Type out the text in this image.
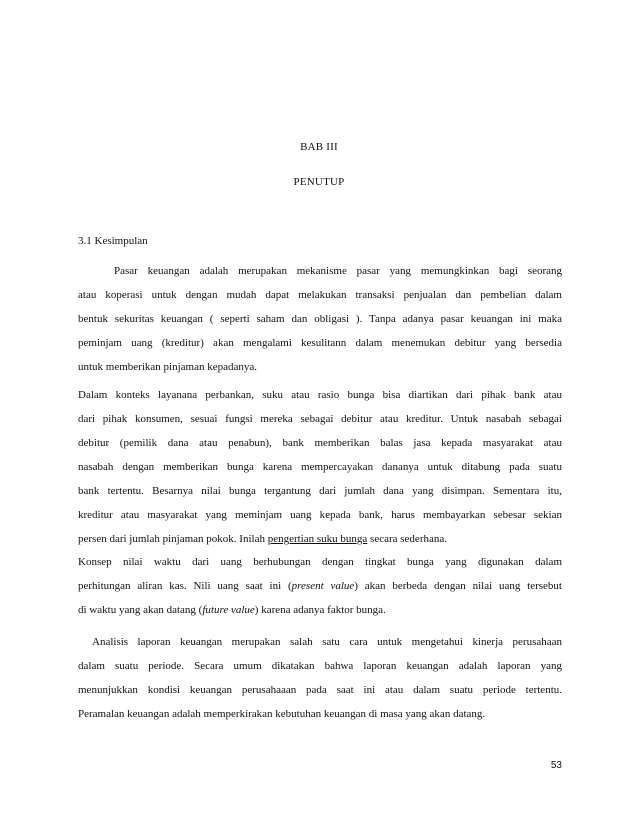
BAB III
PENUTUP
3.1 Kesimpulan

Pasar keuangan adalah merupakan mekanisme pasar yang memungkinkan bagi seorang
atau koperasi untuk dengan mudah dapat melakukan transaksi penjualan dan pembelian dalam
bentuk sekuritas keuangan ( seperti saham dan obligasi ). Tanpa adanya pasar keuangan ini maka
peminjam uang (kreditur) akan mengalami kesulitann dalam menemukan debitur yang bersedia
untuk memberikan pinjaman kepadanya.

Dalam konteks layanana perbankan, suku atau rasio bunga bisa diartikan dari pihak bank atau
dari pihak konsumen, sesuai fungsi mereka sebagai debitur atau kreditur. Untuk nasabah sebagai
debitur (pemilik dana atau penabun), bank memberikan balas jasa kepada masyarakat atau
nasabah dengan memberikan bunga karena mempercayakan dananya untuk ditabung pada suatu
bank tertentu. Besarnya nilai bunga tergantung dari jumlah dana yang disimpan. Sementara itu,
kreditur atau masyarakat yang meminjam uang kepada bank, harus membayarkan sebesar sekian
persen dari jumlah pinjaman pokok. Inilah pengertian suku bunga secara sederhana.

Konsep nilai waktu dari uang berhubungan dengan tingkat bunga yang digunakan dalam
perhitungan aliran kas. Nili uang saat ini (present value) akan berbeda dengan nilai uang tersebut
di waktu yang akan datang (future value) karena adanya faktor bunga.

Analisis laporan keuangan merupakan salah satu cara untuk mengetahui kinerja perusahaan
dalam suatu periode. Secara umum dikatakan bahwa laporan keuangan adalah laporan yang
menunjukkan kondisi keuangan perusahaaan pada saat ini atau dalam suatu periode tertentu.
Peramalan keuangan adalah memperkirakan kebutuhan keuangan di masa yang akan datang.

53
